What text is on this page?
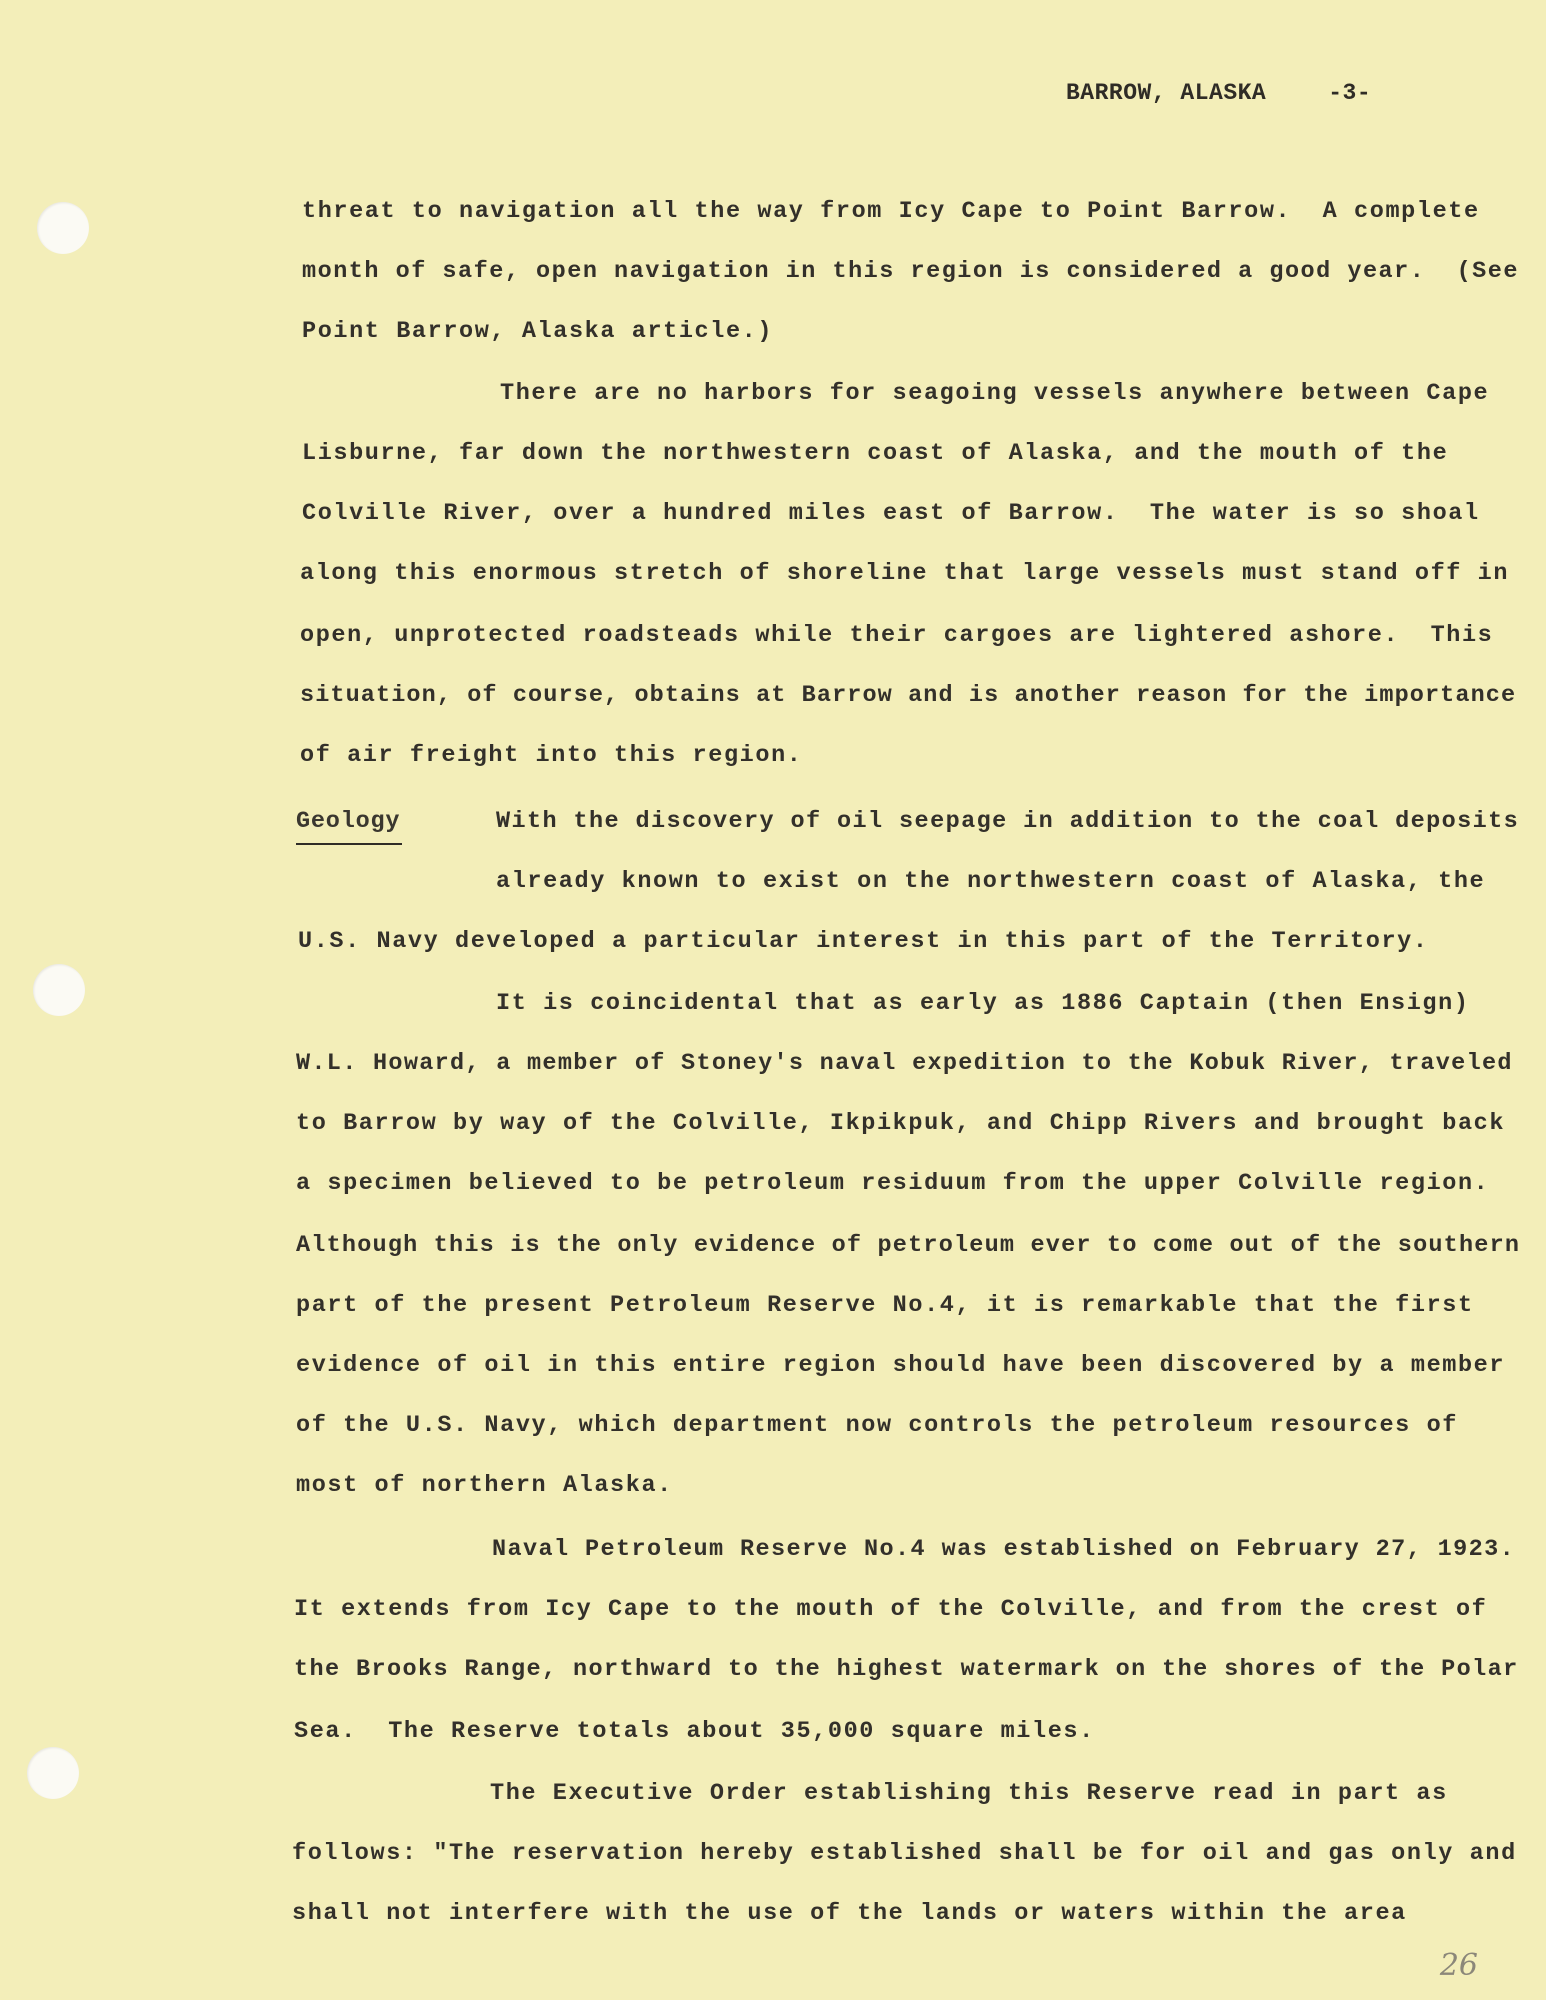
BARROW, ALASKA	-3-
threat to navigation all the way from Icy Cape to Point Barrow.  A complete
month of safe, open navigation in this region is considered a good year.  (See
Point Barrow, Alaska article.)
There are no harbors for seagoing vessels anywhere between Cape
Lisburne, far down the northwestern coast of Alaska, and the mouth of the
Colville River, over a hundred miles east of Barrow.  The water is so shoal
along this enormous stretch of shoreline that large vessels must stand off in
open, unprotected roadsteads while their cargoes are lightered ashore.  This
situation, of course, obtains at Barrow and is another reason for the importance
of air freight into this region.
Geology	With the discovery of oil seepage in addition to the coal deposits
already known to exist on the northwestern coast of Alaska, the
U.S. Navy developed a particular interest in this part of the Territory.
It is coincidental that as early as 1886 Captain (then Ensign)
W.L. Howard, a member of Stoney's naval expedition to the Kobuk River, traveled
to Barrow by way of the Colville, Ikpikpuk, and Chipp Rivers and brought back
a specimen believed to be petroleum residuum from the upper Colville region.
Although this is the only evidence of petroleum ever to come out of the southern
part of the present Petroleum Reserve No.4, it is remarkable that the first
evidence of oil in this entire region should have been discovered by a member
of the U.S. Navy, which department now controls the petroleum resources of
most of northern Alaska.
Naval Petroleum Reserve No.4 was established on February 27, 1923.
It extends from Icy Cape to the mouth of the Colville, and from the crest of
the Brooks Range, northward to the highest watermark on the shores of the Polar
Sea.  The Reserve totals about 35,000 square miles.
The Executive Order establishing this Reserve read in part as
follows: "The reservation hereby established shall be for oil and gas only and
shall not interfere with the use of the lands or waters within the area
26
